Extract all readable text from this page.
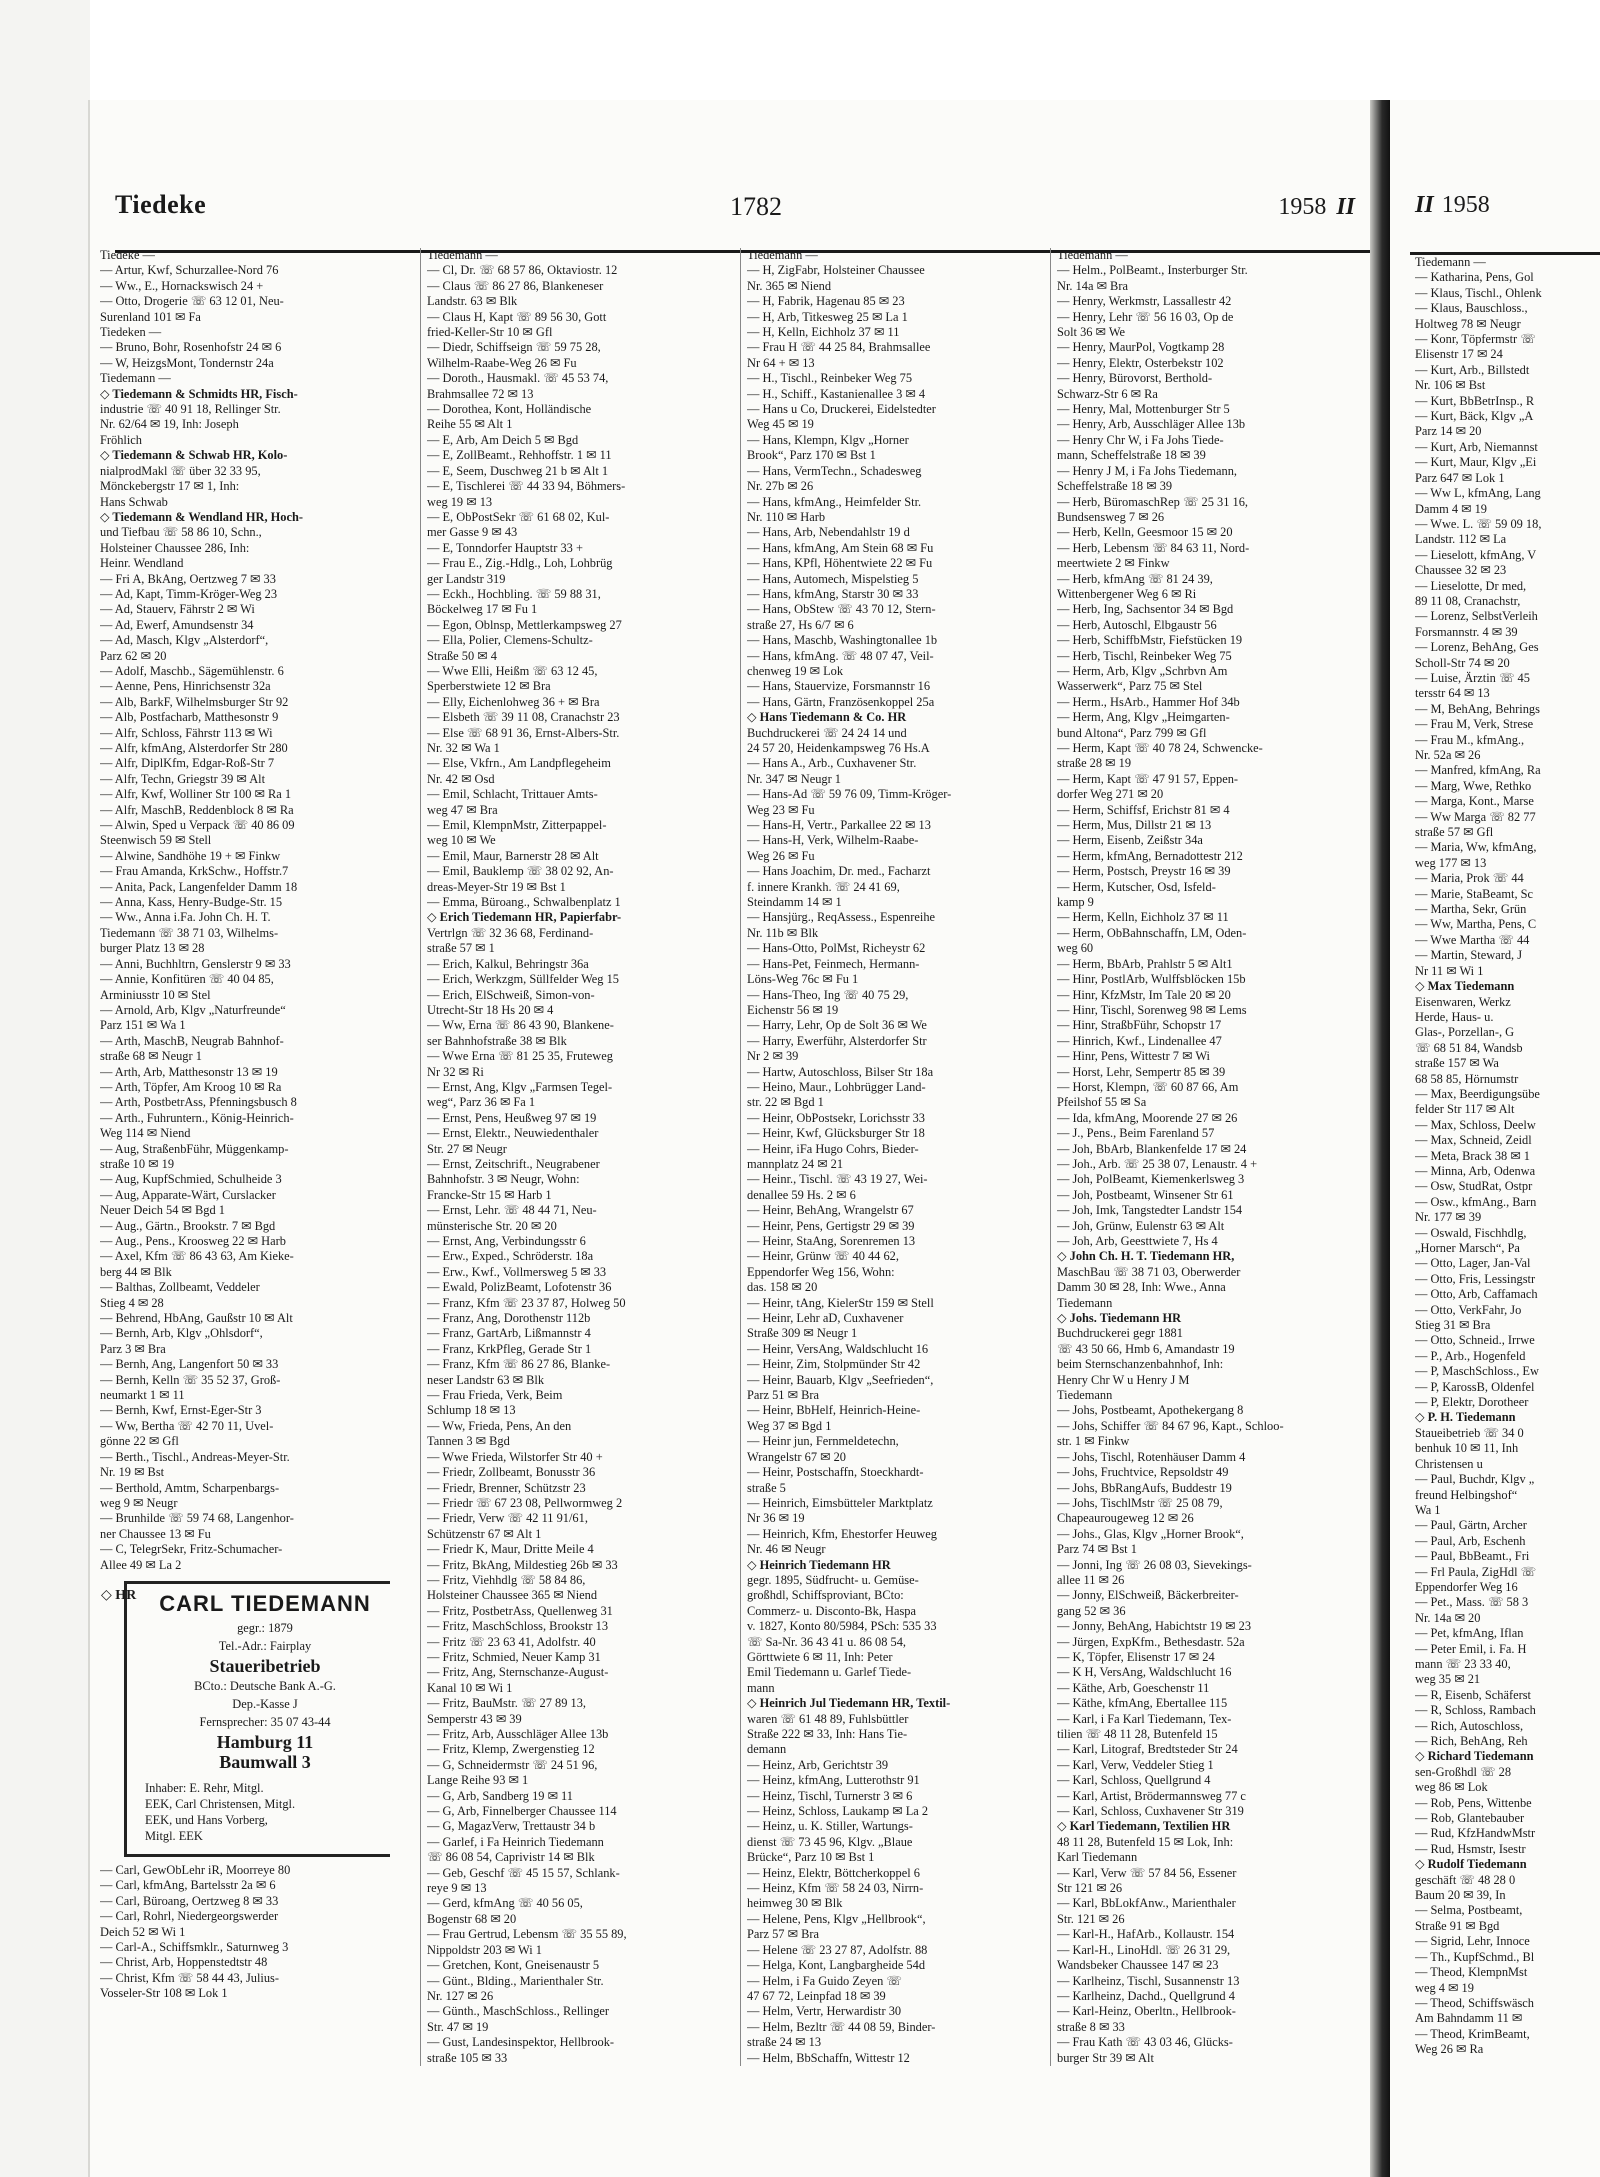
II 1958
Tiedemann —
— Katharina, Pens, Gol
— Klaus, Tischl., Ohlenk
— Klaus, Bauschloss.,
Holtweg 78 ✉ Neugr
— Konr, Töpfermstr ☏
Elisenstr 17 ✉ 24
— Kurt, Arb., Billstedt
Nr. 106 ✉ Bst
— Kurt, BbBetrInsp., R
— Kurt, Bäck, Klgv „A
Parz 14 ✉ 20
— Kurt, Arb, Niemannst
— Kurt, Maur, Klgv „Ei
Parz 647 ✉ Lok 1
— Ww L, kfmAng, Lang
Damm 4 ✉ 19
— Wwe. L. ☏ 59 09 18,
Landstr. 112 ✉ La
— Lieselott, kfmAng, V
Chaussee 32 ✉ 23
— Lieselotte, Dr med,
89 11 08, Cranachstr,
— Lorenz, SelbstVerleih
Forsmannstr. 4 ✉ 39
— Lorenz, BehAng, Ges
Scholl-Str 74 ✉ 20
— Luise, Ärztin ☏ 45
tersstr 64 ✉ 13
— M, BehAng, Behrings
— Frau M, Verk, Strese
— Frau M., kfmAng.,
Nr. 52a ✉ 26
— Manfred, kfmAng, Ra
— Marg, Wwe, Rethko
— Marga, Kont., Marse
— Ww Marga ☏ 82 77
straße 57 ✉ Gfl
— Maria, Ww, kfmAng,
weg 177 ✉ 13
— Maria, Prok ☏ 44
— Marie, StaBeamt, Sc
— Martha, Sekr, Grün
— Ww, Martha, Pens, C
— Wwe Martha ☏ 44
— Martin, Steward, J
Nr 11 ✉ Wi 1
◇ Max Tiedemann
Eisenwaren, Werkz
Herde, Haus- u.
Glas-, Porzellan-, G
☏ 68 51 84, Wandsb
straße 157 ✉ Wa
68 58 85, Hörnumstr
— Max, Beerdigungsübe
felder Str 117 ✉ Alt
— Max, Schloss, Deelw
— Max, Schneid, Zeidl
— Meta, Brack 38 ✉ 1
— Minna, Arb, Odenwa
— Osw, StudRat, Ostpr
— Osw., kfmAng., Barn
Nr. 177 ✉ 39
— Oswald, Fischhdlg,
„Horner Marsch“, Pa
— Otto, Lager, Jan-Val
— Otto, Fris, Lessingstr
— Otto, Arb, Caffamach
— Otto, VerkFahr, Jo
Stieg 31 ✉ Bra
— Otto, Schneid., Irrwe
— P., Arb., Hogenfeld
— P, MaschSchloss., Ew
— P, KarossB, Oldenfel
— P, Elektr, Dorotheer
◇ P. H. Tiedemann
Staueibetrieb ☏ 34 0
benhuk 10 ✉ 11, Inh
Christensen u
— Paul, Buchdr, Klgv „
freund Helbingshof“
Wa 1
— Paul, Gärtn, Archer
— Paul, Arb, Eschenh
— Paul, BbBeamt., Fri
— Frl Paula, ZigHdl ☏
Eppendorfer Weg 16
— Pet., Mass. ☏ 58 3
Nr. 14a ✉ 20
— Pet, kfmAng, Iflan
— Peter Emil, i. Fa. H
mann ☏ 23 33 40,
weg 35 ✉ 21
— R, Eisenb, Schäferst
— R, Schloss, Rambach
— Rich, Autoschloss,
— Rich, BehAng, Reh
◇ Richard Tiedemann
sen-Großhdl ☏ 28
weg 86 ✉ Lok
— Rob, Pens, Wittenbe
— Rob, Glantebauber
— Rud, KfzHandwMstr
— Rud, Hsmstr, Isestr
◇ Rudolf Tiedemann
geschäft ☏ 48 28 0
Baum 20 ✉ 39, In
— Selma, Postbeamt,
Straße 91 ✉ Bgd
— Sigrid, Lehr, Innoce
— Th., KupfSchmd., Bl
— Theod, KlempnMst
weg 4 ✉ 19
— Theod, Schiffswäsch
Am Bahndamm 11 ✉
— Theod, KrimBeamt,
Weg 26 ✉ Ra
Tiedeke	1782	1958 II
Tiedeke —
— Artur, Kwf, Schurzallee-Nord 76
— Ww., E., Hornackswisch 24 +
— Otto, Drogerie ☏ 63 12 01, Neu-
Surenland 101 ✉ Fa
Tiedeken —
— Bruno, Bohr, Rosenhofstr 24 ✉ 6
— W, HeizgsMont, Tondernstr 24a
Tiedemann —
◇ Tiedemann & Schmidts HR, Fisch-
industrie ☏ 40 91 18, Rellinger Str.
Nr. 62/64 ✉ 19, Inh: Joseph
Fröhlich
◇ Tiedemann & Schwab HR, Kolo-
nialprodMakl ☏ über 32 33 95,
Mönckebergstr 17 ✉ 1, Inh:
Hans Schwab
◇ Tiedemann & Wendland HR, Hoch-
und Tiefbau ☏ 58 86 10, Schn.,
Holsteiner Chaussee 286, Inh:
Heinr. Wendland
— Fri A, BkAng, Oertzweg 7 ✉ 33
— Ad, Kapt, Timm-Kröger-Weg 23
— Ad, Stauerv, Fährstr 2 ✉ Wi
— Ad, Ewerf, Amundsenstr 34
— Ad, Masch, Klgv „Alsterdorf“,
Parz 62 ✉ 20
— Adolf, Maschb., Sägemühlenstr. 6
— Aenne, Pens, Hinrichsenstr 32a
— Alb, BarkF, Wilhelmsburger Str 92
— Alb, Postfacharb, Matthesonstr 9
— Alfr, Schloss, Fährstr 113 ✉ Wi
— Alfr, kfmAng, Alsterdorfer Str 280
— Alfr, DiplKfm, Edgar-Roß-Str 7
— Alfr, Techn, Griegstr 39 ✉ Alt
— Alfr, Kwf, Wolliner Str 100 ✉ Ra 1
— Alfr, MaschB, Reddenblock 8 ✉ Ra
— Alwin, Sped u Verpack ☏ 40 86 09
Steenwisch 59 ✉ Stell
— Alwine, Sandhöhe 19 + ✉ Finkw
— Frau Amanda, KrkSchw., Hoffstr.7
— Anita, Pack, Langenfelder Damm 18
— Anna, Kass, Henry-Budge-Str. 15
— Ww., Anna i.Fa. John Ch. H. T.
Tiedemann ☏ 38 71 03, Wilhelms-
burger Platz 13 ✉ 28
— Anni, Buchhltrn, Genslerstr 9 ✉ 33
— Annie, Konfitüren ☏ 40 04 85,
Arminiusstr 10 ✉ Stel
— Arnold, Arb, Klgv „Naturfreunde“
Parz 151 ✉ Wa 1
— Arth, MaschB, Neugrab Bahnhof-
straße 68 ✉ Neugr 1
— Arth, Arb, Matthesonstr 13 ✉ 19
— Arth, Töpfer, Am Kroog 10 ✉ Ra
— Arth, PostbetrAss, Pfenningsbusch 8
— Arth., Fuhruntern., König-Heinrich-
Weg 114 ✉ Niend
— Aug, StraßenbFühr, Müggenkamp-
straße 10 ✉ 19
— Aug, KupfSchmied, Schulheide 3
— Aug, Apparate-Wärt, Curslacker
Neuer Deich 54 ✉ Bgd 1
— Aug., Gärtn., Brookstr. 7 ✉ Bgd
— Aug., Pens., Kroosweg 22 ✉ Harb
— Axel, Kfm ☏ 86 43 63, Am Kieke-
berg 44 ✉ Blk
— Balthas, Zollbeamt, Veddeler
Stieg 4 ✉ 28
— Behrend, HbAng, Gaußstr 10 ✉ Alt
— Bernh, Arb, Klgv „Ohlsdorf“,
Parz 3 ✉ Bra
— Bernh, Ang, Langenfort 50 ✉ 33
— Bernh, Kelln ☏ 35 52 37, Groß-
neumarkt 1 ✉ 11
— Bernh, Kwf, Ernst-Eger-Str 3
— Ww, Bertha ☏ 42 70 11, Uvel-
gönne 22 ✉ Gfl
— Berth., Tischl., Andreas-Meyer-Str.
Nr. 19 ✉ Bst
— Berthold, Amtm, Scharpenbargs-
weg 9 ✉ Neugr
— Brunhilde ☏ 59 74 68, Langenhor-
ner Chaussee 13 ✉ Fu
— C, TelegrSekr, Fritz-Schumacher-
Allee 49 ✉ La 2
◇ HR	CARL TIEDEMANN
gegr.: 1879
Tel.-Adr.: Fairplay
Staueribetrieb
BCto.: Deutsche Bank A.-G.
Dep.-Kasse J
Fernsprecher: 35 07 43-44
Hamburg 11
Baumwall 3
Inhaber: E. Rehr, Mitgl.
EEK, Carl Christensen, Mitgl.
EEK, und Hans Vorberg,
Mitgl. EEK
— Carl, GewObLehr iR, Moorreye 80
— Carl, kfmAng, Bartelsstr 2a ✉ 6
— Carl, Büroang, Oertzweg 8 ✉ 33
— Carl, Rohrl, Niedergeorgswerder
Deich 52 ✉ Wi 1
— Carl-A., Schiffsmklr., Saturnweg 3
— Christ, Arb, Hoppenstedtstr 48
— Christ, Kfm ☏ 58 44 43, Julius-
Vosseler-Str 108 ✉ Lok 1
Tiedemann —
— Cl, Dr. ☏ 68 57 86, Oktaviostr. 12
— Claus ☏ 86 27 86, Blankeneser
Landstr. 63 ✉ Blk
— Claus H, Kapt ☏ 89 56 30, Gott
fried-Keller-Str 10 ✉ Gfl
— Diedr, Schiffseign ☏ 59 75 28,
Wilhelm-Raabe-Weg 26 ✉ Fu
— Doroth., Hausmakl. ☏ 45 53 74,
Brahmsallee 72 ✉ 13
— Dorothea, Kont, Holländische
Reihe 55 ✉ Alt 1
— E, Arb, Am Deich 5 ✉ Bgd
— E, ZollBeamt., Rehhoffstr. 1 ✉ 11
— E, Seem, Duschweg 21 b ✉ Alt 1
— E, Tischlerei ☏ 44 33 94, Böhmers-
weg 19 ✉ 13
— E, ObPostSekr ☏ 61 68 02, Kul-
mer Gasse 9 ✉ 43
— E, Tonndorfer Hauptstr 33 +
— Frau E., Zig.-Hdlg., Loh, Lohbrüg
ger Landstr 319
— Eckh., Hochbling. ☏ 59 88 31,
Böckelweg 17 ✉ Fu 1
— Egon, Oblnsp, Mettlerkampsweg 27
— Ella, Polier, Clemens-Schultz-
Straße 50 ✉ 4
— Wwe Elli, Heißm ☏ 63 12 45,
Sperberstwiete 12 ✉ Bra
— Elly, Eichenlohweg 36 + ✉ Bra
— Elsbeth ☏ 39 11 08, Cranachstr 23
— Else ☏ 68 91 36, Ernst-Albers-Str.
Nr. 32 ✉ Wa 1
— Else, Vkfrn., Am Landpflegeheim
Nr. 42 ✉ Osd
— Emil, Schlacht, Trittauer Amts-
weg 47 ✉ Bra
— Emil, KlempnMstr, Zitterpappel-
weg 10 ✉ We
— Emil, Maur, Barnerstr 28 ✉ Alt
— Emil, Bauklemp ☏ 38 02 92, An-
dreas-Meyer-Str 19 ✉ Bst 1
— Emma, Büroang., Schwalbenplatz 1
◇ Erich Tiedemann HR, Papierfabr-
Vertrlgn ☏ 32 36 68, Ferdinand-
straße 57 ✉ 1
— Erich, Kalkul, Behringstr 36a
— Erich, Werkzgm, Süllfelder Weg 15
— Erich, ElSchweiß, Simon-von-
Utrecht-Str 18 Hs 20 ✉ 4
— Ww, Erna ☏ 86 43 90, Blankene-
ser Bahnhofstraße 38 ✉ Blk
— Wwe Erna ☏ 81 25 35, Fruteweg
Nr 32 ✉ Ri
— Ernst, Ang, Klgv „Farmsen Tegel-
weg“, Parz 36 ✉ Fa 1
— Ernst, Pens, Heußweg 97 ✉ 19
— Ernst, Elektr., Neuwiedenthaler
Str. 27 ✉ Neugr
— Ernst, Zeitschrift., Neugrabener
Bahnhofstr. 3 ✉ Neugr, Wohn:
Francke-Str 15 ✉ Harb 1
— Ernst, Lehr. ☏ 48 44 71, Neu-
münsterische Str. 20 ✉ 20
— Ernst, Ang, Verbindungsstr 6
— Erw., Exped., Schröderstr. 18a
— Erw., Kwf., Vollmersweg 5 ✉ 33
— Ewald, PolizBeamt, Lofotenstr 36
— Franz, Kfm ☏ 23 37 87, Holweg 50
— Franz, Ang, Dorothenstr 112b
— Franz, GartArb, Lißmannstr 4
— Franz, KrkPfleg, Gerade Str 1
— Franz, Kfm ☏ 86 27 86, Blanke-
neser Landstr 63 ✉ Blk
— Frau Frieda, Verk, Beim
Schlump 18 ✉ 13
— Ww, Frieda, Pens, An den
Tannen 3 ✉ Bgd
— Wwe Frieda, Wilstorfer Str 40 +
— Friedr, Zollbeamt, Bonusstr 36
— Friedr, Brenner, Schützstr 23
— Friedr ☏ 67 23 08, Pellwormweg 2
— Friedr, Verw ☏ 42 11 91/61,
Schützenstr 67 ✉ Alt 1
— Friedr K, Maur, Dritte Meile 4
— Fritz, BkAng, Mildestieg 26b ✉ 33
— Fritz, Viehhdlg ☏ 58 84 86,
Holsteiner Chaussee 365 ✉ Niend
— Fritz, PostbetrAss, Quellenweg 31
— Fritz, MaschSchloss, Brookstr 13
— Fritz ☏ 23 63 41, Adolfstr. 40
— Fritz, Schmied, Neuer Kamp 31
— Fritz, Ang, Sternschanze-August-
Kanal 10 ✉ Wi 1
— Fritz, BauMstr. ☏ 27 89 13,
Semperstr 43 ✉ 39
— Fritz, Arb, Ausschläger Allee 13b
— Fritz, Klemp, Zwergenstieg 12
— G, Schneidermstr ☏ 24 51 96,
Lange Reihe 93 ✉ 1
— G, Arb, Sandberg 19 ✉ 11
— G, Arb, Finnelberger Chaussee 114
— G, MagazVerw, Trettaustr 34 b
— Garlef, i Fa Heinrich Tiedemann
☏ 86 08 54, Caprivistr 14 ✉ Blk
— Geb, Geschf ☏ 45 15 57, Schlank-
reye 9 ✉ 13
— Gerd, kfmAng ☏ 40 56 05,
Bogenstr 68 ✉ 20
— Frau Gertrud, Lebensm ☏ 35 55 89,
Nippoldstr 203 ✉ Wi 1
— Gretchen, Kont, Gneisenaustr 5
— Günt., Blding., Marienthaler Str.
Nr. 127 ✉ 26
— Günth., MaschSchloss., Rellinger
Str. 47 ✉ 19
— Gust, Landesinspektor, Hellbrook-
straße 105 ✉ 33
Tiedemann —
— H, ZigFabr, Holsteiner Chaussee
Nr. 365 ✉ Niend
— H, Fabrik, Hagenau 85 ✉ 23
— H, Arb, Titkesweg 25 ✉ La 1
— H, Kelln, Eichholz 37 ✉ 11
— Frau H ☏ 44 25 84, Brahmsallee
Nr 64 + ✉ 13
— H., Tischl., Reinbeker Weg 75
— H., Schiff., Kastanienallee 3 ✉ 4
— Hans u Co, Druckerei, Eidelstedter
Weg 45 ✉ 19
— Hans, Klempn, Klgv „Horner
Brook“, Parz 170 ✉ Bst 1
— Hans, VermTechn., Schadesweg
Nr. 27b ✉ 26
— Hans, kfmAng., Heimfelder Str.
Nr. 110 ✉ Harb
— Hans, Arb, Nebendahlstr 19 d
— Hans, kfmAng, Am Stein 68 ✉ Fu
— Hans, KPfl, Höhentwiete 22 ✉ Fu
— Hans, Automech, Mispelstieg 5
— Hans, kfmAng, Starstr 30 ✉ 33
— Hans, ObStew ☏ 43 70 12, Stern-
straße 27, Hs 6/7 ✉ 6
— Hans, Maschb, Washingtonallee 1b
— Hans, kfmAng. ☏ 48 07 47, Veil-
chenweg 19 ✉ Lok
— Hans, Stauervize, Forsmannstr 16
— Hans, Gärtn, Französenkoppel 25a
◇ Hans Tiedemann & Co. HR
Buchdruckerei ☏ 24 24 14 und
24 57 20, Heidenkampsweg 76 Hs.A
— Hans A., Arb., Cuxhavener Str.
Nr. 347 ✉ Neugr 1
— Hans-Ad ☏ 59 76 09, Timm-Kröger-
Weg 23 ✉ Fu
— Hans-H, Vertr., Parkallee 22 ✉ 13
— Hans-H, Verk, Wilhelm-Raabe-
Weg 26 ✉ Fu
— Hans Joachim, Dr. med., Facharzt
f. innere Krankh. ☏ 24 41 69,
Steindamm 14 ✉ 1
— Hansjürg., ReqAssess., Espenreihe
Nr. 11b ✉ Blk
— Hans-Otto, PolMst, Richeystr 62
— Hans-Pet, Feinmech, Hermann-
Löns-Weg 76c ✉ Fu 1
— Hans-Theo, Ing ☏ 40 75 29,
Eichenstr 56 ✉ 19
— Harry, Lehr, Op de Solt 36 ✉ We
— Harry, Ewerführ, Alsterdorfer Str
Nr 2 ✉ 39
— Hartw, Autoschloss, Bilser Str 18a
— Heino, Maur., Lohbrügger Land-
str. 22 ✉ Bgd 1
— Heinr, ObPostsekr, Lorichsstr 33
— Heinr, Kwf, Glücksburger Str 18
— Heinr, iFa Hugo Cohrs, Bieder-
mannplatz 24 ✉ 21
— Heinr., Tischl. ☏ 43 19 27, Wei-
denallee 59 Hs. 2 ✉ 6
— Heinr, BehAng, Wrangelstr 67
— Heinr, Pens, Gertigstr 29 ✉ 39
— Heinr, StaAng, Sorenremen 13
— Heinr, Grünw ☏ 40 44 62,
Eppendorfer Weg 156, Wohn:
das. 158 ✉ 20
— Heinr, tAng, KielerStr 159 ✉ Stell
— Heinr, Lehr aD, Cuxhavener
Straße 309 ✉ Neugr 1
— Heinr, VersAng, Waldschlucht 16
— Heinr, Zim, Stolpmünder Str 42
— Heinr, Bauarb, Klgv „Seefrieden“,
Parz 51 ✉ Bra
— Heinr, BbHelf, Heinrich-Heine-
Weg 37 ✉ Bgd 1
— Heinr jun, Fernmeldetechn,
Wrangelstr 67 ✉ 20
— Heinr, Postschaffn, Stoeckhardt-
straße 5
— Heinrich, Eimsbütteler Marktplatz
Nr 36 ✉ 19
— Heinrich, Kfm, Ehestorfer Heuweg
Nr. 46 ✉ Neugr
◇ Heinrich Tiedemann HR
gegr. 1895, Südfrucht- u. Gemüse-
großhdl, Schiffsproviant, BCto:
Commerz- u. Disconto-Bk, Haspa
v. 1827, Konto 80/5984, PSch: 535 33
☏ Sa-Nr. 36 43 41 u. 86 08 54,
Görttwiete 6 ✉ 11, Inh: Peter
Emil Tiedemann u. Garlef Tiede-
mann
◇ Heinrich Jul Tiedemann HR, Textil-
waren ☏ 61 48 89, Fuhlsbüttler
Straße 222 ✉ 33, Inh: Hans Tie-
demann
— Heinz, Arb, Gerichtstr 39
— Heinz, kfmAng, Lutterothstr 91
— Heinz, Tischl, Turnerstr 3 ✉ 6
— Heinz, Schloss, Laukamp ✉ La 2
— Heinz, u. K. Stiller, Wartungs-
dienst ☏ 73 45 96, Klgv. „Blaue
Brücke“, Parz 10 ✉ Bst 1
— Heinz, Elektr, Böttcherkoppel 6
— Heinz, Kfm ☏ 58 24 03, Nirrn-
heimweg 30 ✉ Blk
— Helene, Pens, Klgv „Hellbrook“,
Parz 57 ✉ Bra
— Helene ☏ 23 27 87, Adolfstr. 88
— Helga, Kont, Langbargheide 54d
— Helm, i Fa Guido Zeyen ☏
47 67 72, Leinpfad 18 ✉ 39
— Helm, Vertr, Herwardistr 30
— Helm, Bezltr ☏ 44 08 59, Binder-
straße 24 ✉ 13
— Helm, BbSchaffn, Wittestr 12
Tiedemann —
— Helm., PolBeamt., Insterburger Str.
Nr. 14a ✉ Bra
— Henry, Werkmstr, Lassallestr 42
— Henry, Lehr ☏ 56 16 03, Op de
Solt 36 ✉ We
— Henry, MaurPol, Vogtkamp 28
— Henry, Elektr, Osterbekstr 102
— Henry, Bürovorst, Berthold-
Schwarz-Str 6 ✉ Ra
— Henry, Mal, Mottenburger Str 5
— Henry, Arb, Ausschläger Allee 13b
— Henry Chr W, i Fa Johs Tiede-
mann, Scheffelstraße 18 ✉ 39
— Henry J M, i Fa Johs Tiedemann,
Scheffelstraße 18 ✉ 39
— Herb, BüromaschRep ☏ 25 31 16,
Bundsensweg 7 ✉ 26
— Herb, Kelln, Geesmoor 15 ✉ 20
— Herb, Lebensm ☏ 84 63 11, Nord-
meertwiete 2 ✉ Finkw
— Herb, kfmAng ☏ 81 24 39,
Wittenbergener Weg 6 ✉ Ri
— Herb, Ing, Sachsentor 34 ✉ Bgd
— Herb, Autoschl, Elbgaustr 56
— Herb, SchiffbMstr, Fiefstücken 19
— Herb, Tischl, Reinbeker Weg 75
— Herm, Arb, Klgv „Schrbvn Am
Wasserwerk“, Parz 75 ✉ Stel
— Herm., HsArb., Hammer Hof 34b
— Herm, Ang, Klgv „Heimgarten-
bund Altona“, Parz 799 ✉ Gfl
— Herm, Kapt ☏ 40 78 24, Schwencke-
straße 28 ✉ 19
— Herm, Kapt ☏ 47 91 57, Eppen-
dorfer Weg 271 ✉ 20
— Herm, Schiffsf, Erichstr 81 ✉ 4
— Herm, Mus, Dillstr 21 ✉ 13
— Herm, Eisenb, Zeißstr 34a
— Herm, kfmAng, Bernadottestr 212
— Herm, Postsch, Preystr 16 ✉ 39
— Herm, Kutscher, Osd, Isfeld-
kamp 9
— Herm, Kelln, Eichholz 37 ✉ 11
— Herm, ObBahnschaffn, LM, Oden-
weg 60
— Herm, BbArb, Prahlstr 5 ✉ Alt1
— Hinr, PostlArb, Wulffsblöcken 15b
— Hinr, KfzMstr, Im Tale 20 ✉ 20
— Hinr, Tischl, Sorenweg 98 ✉ Lems
— Hinr, StraßbFühr, Schopstr 17
— Hinrich, Kwf., Lindenallee 47
— Hinr, Pens, Wittestr 7 ✉ Wi
— Horst, Lehr, Sempertr 85 ✉ 39
— Horst, Klempn, ☏ 60 87 66, Am
Pfeilshof 55 ✉ Sa
— Ida, kfmAng, Moorende 27 ✉ 26
— J., Pens., Beim Farenland 57
— Joh, BbArb, Blankenfelde 17 ✉ 24
— Joh., Arb. ☏ 25 38 07, Lenaustr. 4 +
— Joh, PolBeamt, Kiemenkerlsweg 3
— Joh, Postbeamt, Winsener Str 61
— Joh, Imk, Tangstedter Landstr 154
— Joh, Grünw, Eulenstr 63 ✉ Alt
— Joh, Arb, Geesttwiete 7, Hs 4
◇ John Ch. H. T. Tiedemann HR,
MaschBau ☏ 38 71 03, Oberwerder
Damm 30 ✉ 28, Inh: Wwe., Anna
Tiedemann
◇ Johs. Tiedemann HR
Buchdruckerei gegr 1881
☏ 43 50 66, Hmb 6, Amandastr 19
beim Sternschanzenbahnhof, Inh:
Henry Chr W u Henry J M
Tiedemann
— Johs, Postbeamt, Apothekergang 8
— Johs, Schiffer ☏ 84 67 96, Kapt., Schloo-
str. 1 ✉ Finkw
— Johs, Tischl, Rotenhäuser Damm 4
— Johs, Fruchtvice, Repsoldstr 49
— Johs, BbRangAufs, Buddestr 19
— Johs, TischlMstr ☏ 25 08 79,
Chapeaurougeweg 12 ✉ 26
— Johs., Glas, Klgv „Horner Brook“,
Parz 74 ✉ Bst 1
— Jonni, Ing ☏ 26 08 03, Sievekings-
allee 11 ✉ 26
— Jonny, ElSchweiß, Bäckerbreiter-
gang 52 ✉ 36
— Jonny, BehAng, Habichtstr 19 ✉ 23
— Jürgen, ExpKfm., Bethesdastr. 52a
— K, Töpfer, Elisenstr 17 ✉ 24
— K H, VersAng, Waldschlucht 16
— Käthe, Arb, Goeschenstr 11
— Käthe, kfmAng, Ebertallee 115
— Karl, i Fa Karl Tiedemann, Tex-
tilien ☏ 48 11 28, Butenfeld 15
— Karl, Litograf, Bredtsteder Str 24
— Karl, Verw, Veddeler Stieg 1
— Karl, Schloss, Quellgrund 4
— Karl, Artist, Brödermannsweg 77 c
— Karl, Schloss, Cuxhavener Str 319
◇ Karl Tiedemann, Textilien HR
48 11 28, Butenfeld 15 ✉ Lok, Inh:
Karl Tiedemann
— Karl, Verw ☏ 57 84 56, Essener
Str 121 ✉ 26
— Karl, BbLokfAnw., Marienthaler
Str. 121 ✉ 26
— Karl-H., HafArb., Kollaustr. 154
— Karl-H., LinoHdl. ☏ 26 31 29,
Wandsbeker Chaussee 147 ✉ 23
— Karlheinz, Tischl, Susannenstr 13
— Karlheinz, Dachd., Quellgrund 4
— Karl-Heinz, Oberltn., Hellbrook-
straße 8 ✉ 33
— Frau Kath ☏ 43 03 46, Glücks-
burger Str 39 ✉ Alt
